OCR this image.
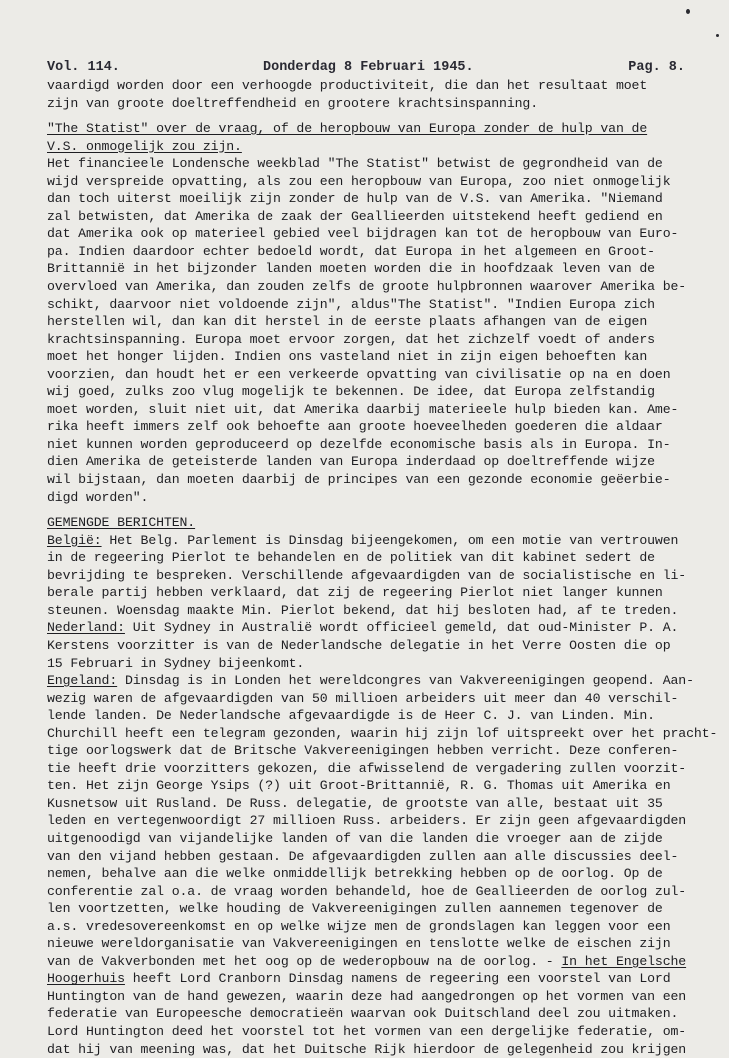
Vol. 114.	Donderdag 8 Februari 1945.	Pag. 8.
vaardigd worden door een verhoogde productiviteit, die dan het resultaat moet
zijn van groote doeltreffendheid en grootere krachtsinspanning.
"The Statist" over de vraag, of de heropbouw van Europa zonder de hulp van de
V.S. onmogelijk zou zijn.
Het financieele Londensche weekblad "The Statist" betwist de gegrondheid van de
wijd verspreide opvatting, als zou een heropbouw van Europa, zoo niet onmogelijk
dan toch uiterst moeilijk zijn zonder de hulp van de V.S. van Amerika. "Niemand
zal betwisten, dat Amerika de zaak der Geallieerden uitstekend heeft gediend en
dat Amerika ook op materieel gebied veel bijdragen kan tot de heropbouw van Euro-
pa. Indien daardoor echter bedoeld wordt, dat Europa in het algemeen en Groot-
Brittannië in het bijzonder landen moeten worden die in hoofdzaak leven van de
overvloed van Amerika, dan zouden zelfs de groote hulpbronnen waarover Amerika be-
schikt, daarvoor niet voldoende zijn", aldus"The Statist". "Indien Europa zich
herstellen wil, dan kan dit herstel in de eerste plaats afhangen van de eigen
krachtsinspanning. Europa moet ervoor zorgen, dat het zichzelf voedt of anders
moet het honger lijden. Indien ons vasteland niet in zijn eigen behoeften kan
voorzien, dan houdt het er een verkeerde opvatting van civilisatie op na en doen
wij goed, zulks zoo vlug mogelijk te bekennen. De idee, dat Europa zelfstandig
moet worden, sluit niet uit, dat Amerika daarbij materieele hulp bieden kan. Ame-
rika heeft immers zelf ook behoefte aan groote hoeveelheden goederen die aldaar
niet kunnen worden geproduceerd op dezelfde economische basis als in Europa. In-
dien Amerika de geteisterde landen van Europa inderdaad op doeltreffende wijze
wil bijstaan, dan moeten daarbij de principes van een gezonde economie geëerbie-
digd worden".
GEMENGDE BERICHTEN.
België: Het Belg. Parlement is Dinsdag bijeengekomen, om een motie van vertrouwen
in de regeering Pierlot te behandelen en de politiek van dit kabinet sedert de
bevrijding te bespreken. Verschillende afgevaardigden van de socialistische en li-
berale partij hebben verklaard, dat zij de regeering Pierlot niet langer kunnen
steunen. Woensdag maakte Min. Pierlot bekend, dat hij besloten had, af te treden.
Nederland: Uit Sydney in Australië wordt officieel gemeld, dat oud-Minister P. A.
Kerstens voorzitter is van de Nederlandsche delegatie in het Verre Oosten die op
15 Februari in Sydney bijeenkomt.
Engeland: Dinsdag is in Londen het wereldcongres van Vakvereenigingen geopend. Aan-
wezig waren de afgevaardigden van 50 millioen arbeiders uit meer dan 40 verschil-
lende landen. De Nederlandsche afgevaardigde is de Heer C. J. van Linden. Min.
Churchill heeft een telegram gezonden, waarin hij zijn lof uitspreekt over het pracht-
tige oorlogswerk dat de Britsche Vakvereenigingen hebben verricht. Deze conferen-
tie heeft drie voorzitters gekozen, die afwisselend de vergadering zullen voorzit-
ten. Het zijn George Ysips (?) uit Groot-Brittannië, R. G. Thomas uit Amerika en
Kusnetsow uit Rusland. De Russ. delegatie, de grootste van alle, bestaat uit 35
leden en vertegenwoordigt 27 millioen Russ. arbeiders. Er zijn geen afgevaardigden
uitgenoodigd van vijandelijke landen of van die landen die vroeger aan de zijde
van den vijand hebben gestaan. De afgevaardigden zullen aan alle discussies deel-
nemen, behalve aan die welke onmiddellijk betrekking hebben op de oorlog. Op de
conferentie zal o.a. de vraag worden behandeld, hoe de Geallieerden de oorlog zul-
len voortzetten, welke houding de Vakvereenigingen zullen aannemen tegenover de
a.s. vredesovereenkomst en op welke wijze men de grondslagen kan leggen voor een
nieuwe wereldorganisatie van Vakvereenigingen en tenslotte welke de eischen zijn
van de Vakverbonden met het oog op de wederopbouw na de oorlog. - In het Engelsche
Hoogerhuis heeft Lord Cranborn Dinsdag namens de regeering een voorstel van Lord
Huntington van de hand gewezen, waarin deze had aangedrongen op het vormen van een
federatie van Europeesche democratieën waarvan ook Duitschland deel zou uitmaken.
Lord Huntington deed het voorstel tot het vormen van een dergelijke federatie, om-
dat hij van meening was, dat het Duitsche Rijk hierdoor de gelegenheid zou krijgen
